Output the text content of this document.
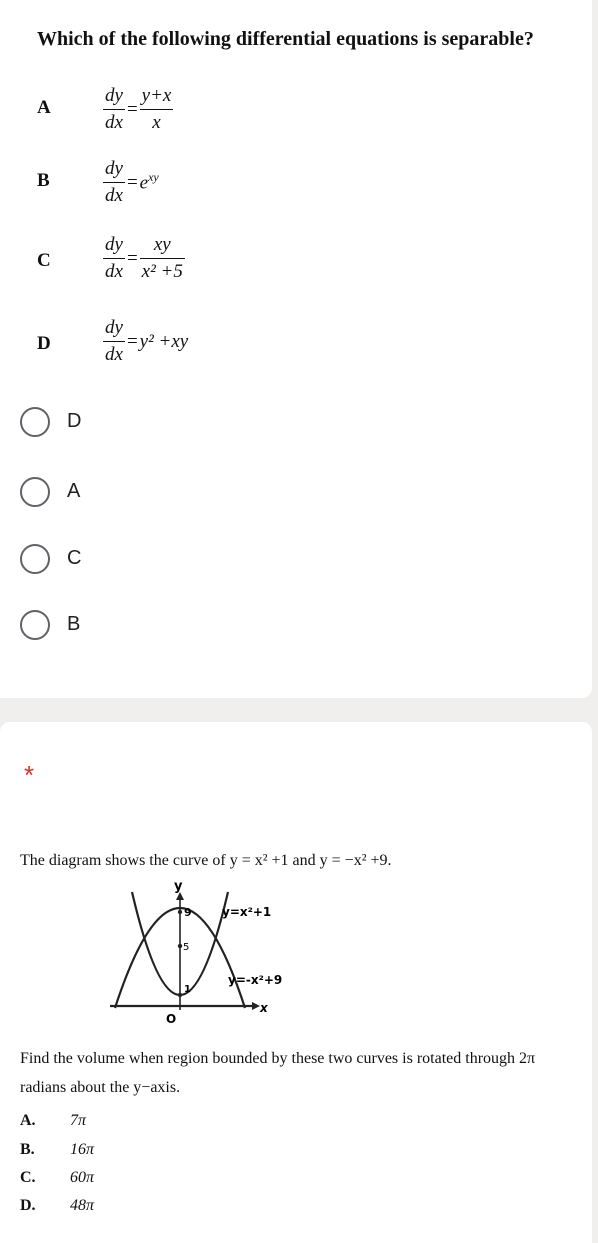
Which of the following differential equations is separable?
A	$\frac{dy}{dx} = \frac{y+x}{x}$
B	$\frac{dy}{dx} = e^{xy}$
C	$\frac{dy}{dx} = \frac{xy}{\text{x² +5}}$
D	$\frac{dy}{dx} = y^2 +xy$
D
A
C
B
*
The diagram shows the curve of y = x² +1 and y = −x² +9.
y
9
5
1
O
x
y=x²+1
y=-x²+9
Find the volume when region bounded by these two curves is rotated through 2π
radians about the y−axis.
A. 7π
B. 16π
C. 60π
D. 48π
